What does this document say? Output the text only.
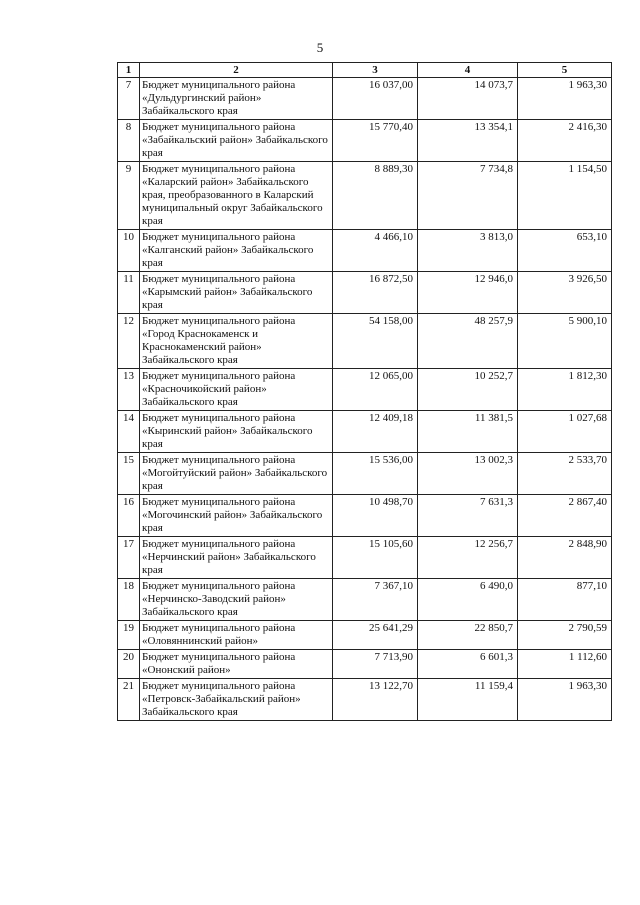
5
1	2	3	4	5
7	Бюджет муниципального района «Дульдургинский район» Забайкальского края	16 037,00	14 073,7	1 963,30
8	Бюджет муниципального района «Забайкальский район» Забайкальского края	15 770,40	13 354,1	2 416,30
9	Бюджет муниципального района «Каларский район» Забайкальского края, преобразованного в Каларский муниципальный округ Забайкальского края	8 889,30	7 734,8	1 154,50
10	Бюджет муниципального района «Калганский район» Забайкальского края	4 466,10	3 813,0	653,10
11	Бюджет муниципального района «Карымский район» Забайкальского края	16 872,50	12 946,0	3 926,50
12	Бюджет муниципального района «Город Краснокаменск и Краснокаменский район» Забайкальского края	54 158,00	48 257,9	5 900,10
13	Бюджет муниципального района «Красночикойский район» Забайкальского края	12 065,00	10 252,7	1 812,30
14	Бюджет муниципального района «Кыринский район» Забайкальского края	12 409,18	11 381,5	1 027,68
15	Бюджет муниципального района «Могойтуйский район» Забайкальского края	15 536,00	13 002,3	2 533,70
16	Бюджет муниципального района «Могочинский район» Забайкальского края	10 498,70	7 631,3	2 867,40
17	Бюджет муниципального района «Нерчинский район» Забайкальского края	15 105,60	12 256,7	2 848,90
18	Бюджет муниципального района «Нерчинско-Заводский район» Забайкальского края	7 367,10	6 490,0	877,10
19	Бюджет муниципального района «Оловяннинский район»	25 641,29	22 850,7	2 790,59
20	Бюджет муниципального района «Ононский район»	7 713,90	6 601,3	1 112,60
21	Бюджет муниципального района «Петровск-Забайкальский район» Забайкальского края	13 122,70	11 159,4	1 963,30
